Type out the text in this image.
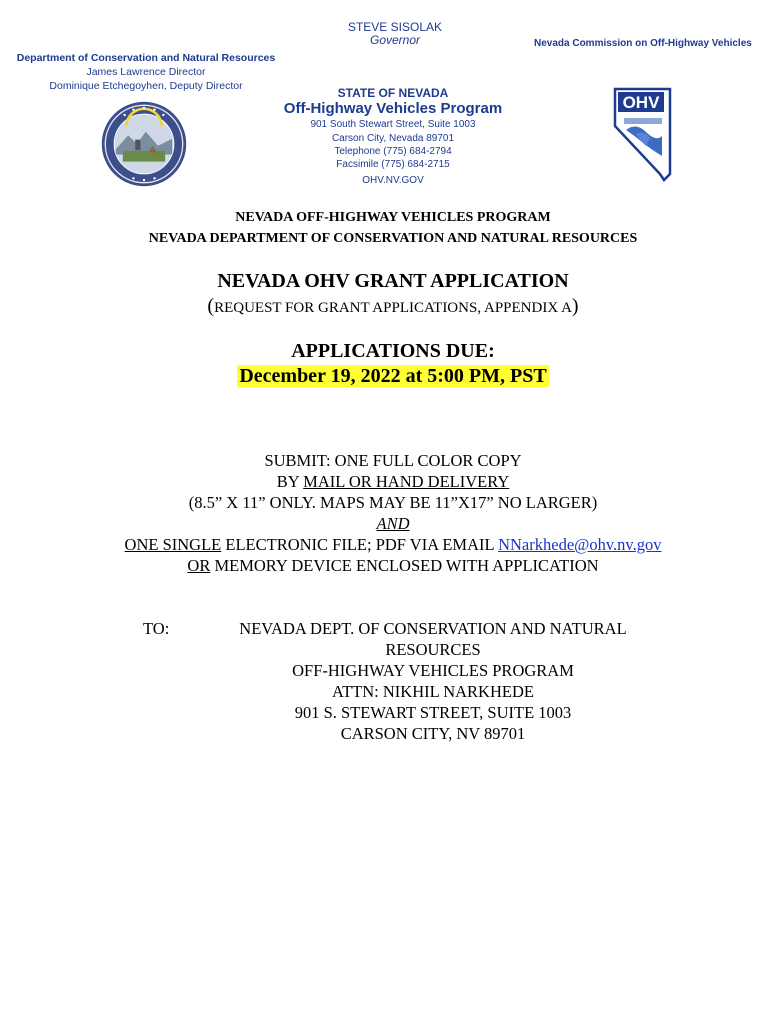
STEVE SISOLAK
Governor	Nevada Commission on Off-Highway Vehicles
Department of Conservation and Natural Resources
James Lawrence Director
Dominique Etchegoyhen, Deputy Director	STATE OF NEVADA
Off-Highway Vehicles Program
901 South Stewart Street, Suite 1003
Carson City, Nevada 89701
Telephone (775) 684-2794
Facsimile (775) 684-2715
OHV.NV.GOV
OHV
NEVADA OFF-HIGHWAY VEHICLES PROGRAM
NEVADA DEPARTMENT OF CONSERVATION AND NATURAL RESOURCES
NEVADA OHV GRANT APPLICATION
(REQUEST FOR GRANT APPLICATIONS, APPENDIX A)
APPLICATIONS DUE:
December 19, 2022 at 5:00 PM, PST
SUBMIT: ONE FULL COLOR COPY
BY MAIL OR HAND DELIVERY
(8.5” X 11” ONLY. MAPS MAY BE 11”X17” NO LARGER)
AND
ONE SINGLE ELECTRONIC FILE; PDF VIA EMAIL NNarkhede@ohv.nv.gov
OR MEMORY DEVICE ENCLOSED WITH APPLICATION
TO:	NEVADA DEPT. OF CONSERVATION AND NATURAL
RESOURCES
OFF-HIGHWAY VEHICLES PROGRAM
ATTN: NIKHIL NARKHEDE
901 S. STEWART STREET, SUITE 1003
CARSON CITY, NV 89701
